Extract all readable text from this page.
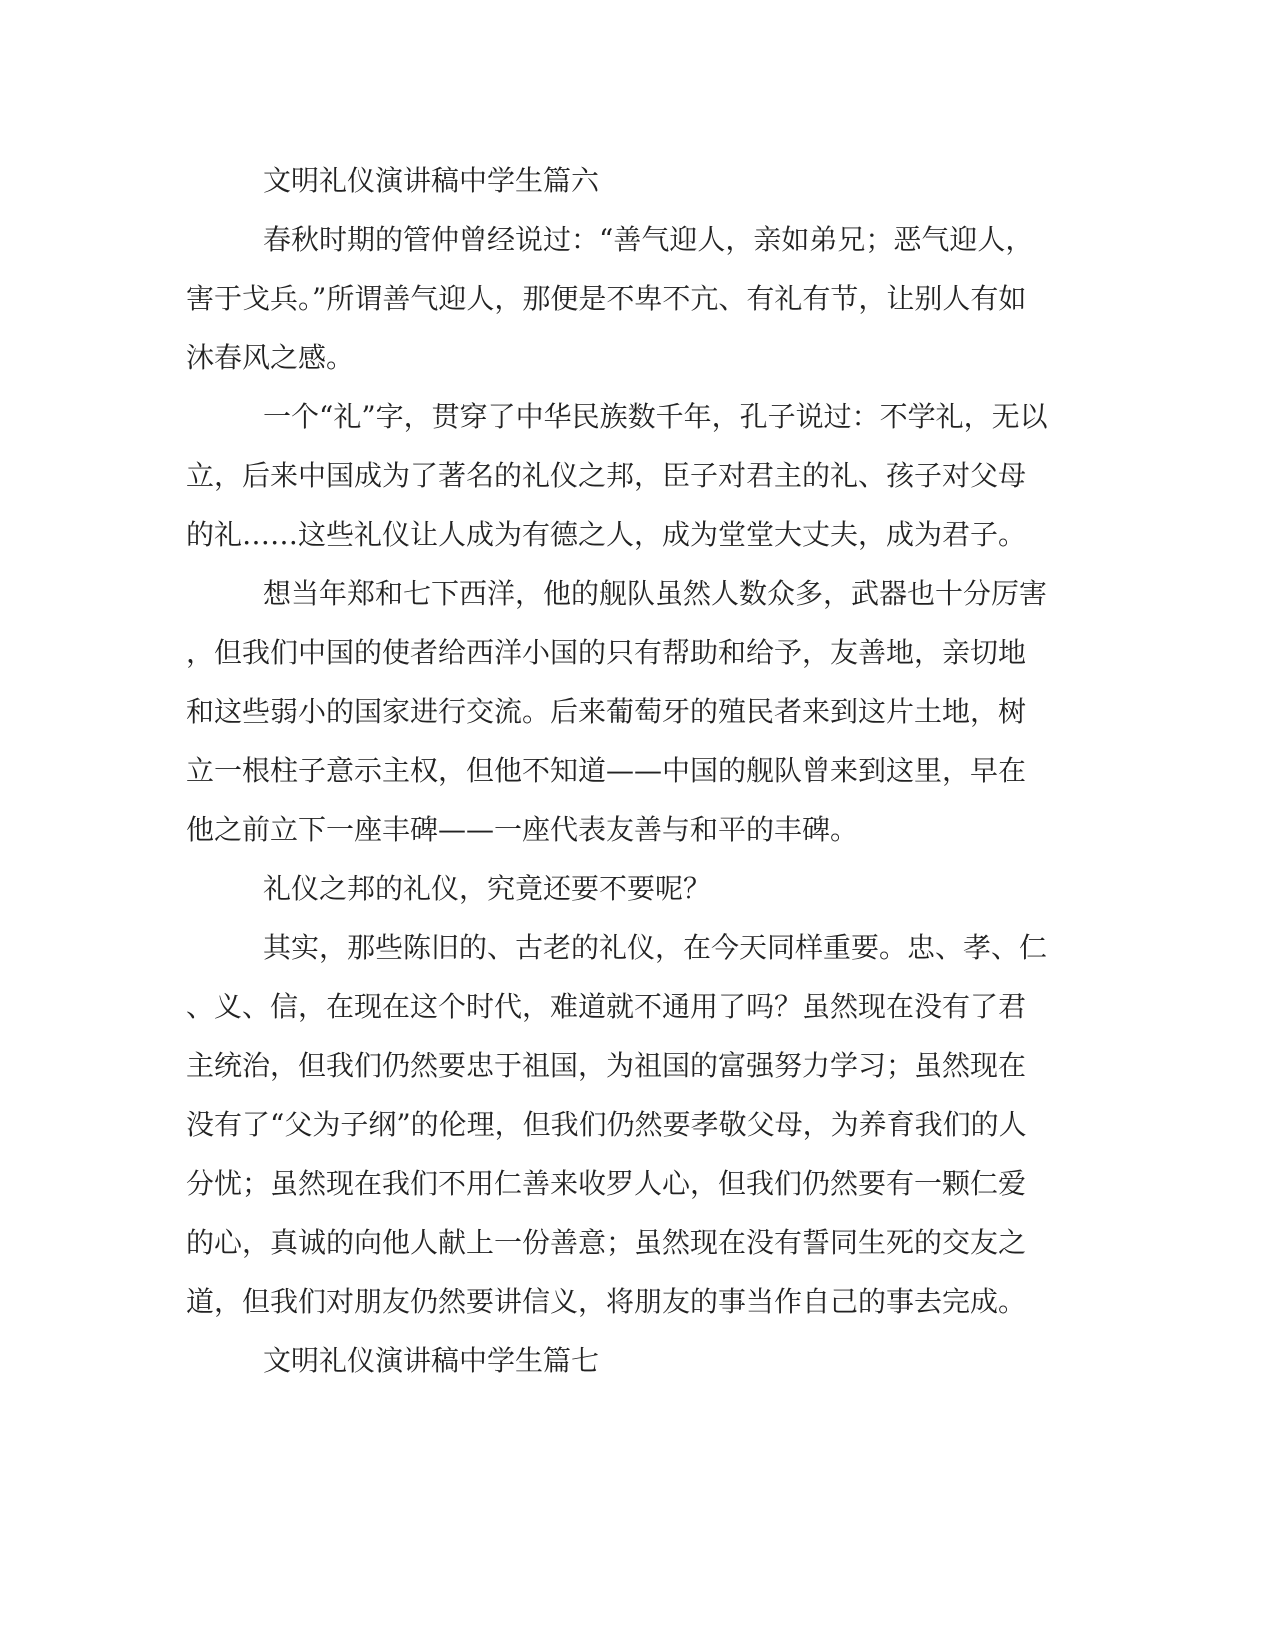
文明礼仪演讲稿中学生篇六
春秋时期的管仲曾经说过：“善气迎人，亲如弟兄；恶气迎人，
害于戈兵。”所谓善气迎人，那便是不卑不亢、有礼有节，让别人有如
沐春风之感。
一个“礼”字，贯穿了中华民族数千年，孔子说过：不学礼，无以
立，后来中国成为了著名的礼仪之邦，臣子对君主的礼、孩子对父母
的礼……这些礼仪让人成为有德之人，成为堂堂大丈夫，成为君子。
想当年郑和七下西洋，他的舰队虽然人数众多，武器也十分厉害
，但我们中国的使者给西洋小国的只有帮助和给予，友善地，亲切地
和这些弱小的国家进行交流。后来葡萄牙的殖民者来到这片土地，树
立一根柱子意示主权，但他不知道——中国的舰队曾来到这里，早在
他之前立下一座丰碑——一座代表友善与和平的丰碑。
礼仪之邦的礼仪，究竟还要不要呢？
其实，那些陈旧的、古老的礼仪，在今天同样重要。忠、孝、仁
、义、信，在现在这个时代，难道就不通用了吗？虽然现在没有了君
主统治，但我们仍然要忠于祖国，为祖国的富强努力学习；虽然现在
没有了“父为子纲”的伦理，但我们仍然要孝敬父母，为养育我们的人
分忧；虽然现在我们不用仁善来收罗人心，但我们仍然要有一颗仁爱
的心，真诚的向他人献上一份善意；虽然现在没有誓同生死的交友之
道，但我们对朋友仍然要讲信义，将朋友的事当作自己的事去完成。
文明礼仪演讲稿中学生篇七
